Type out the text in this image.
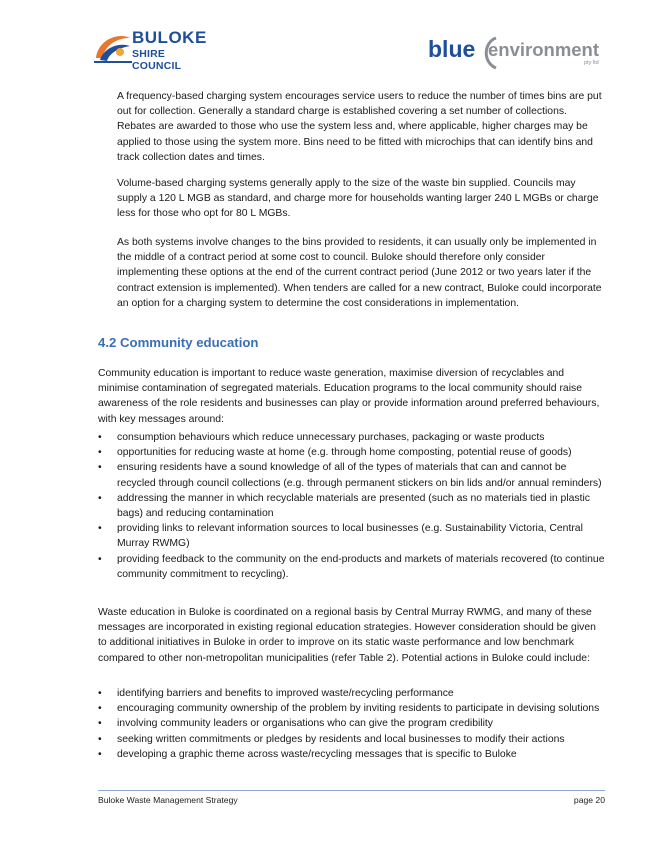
BULOKE
SHIRE COUNCIL
blue environment
pty ltd

A frequency-based charging system encourages service users to reduce the number of times bins are put out for collection. Generally a standard charge is established covering a set number of collections. Rebates are awarded to those who use the system less and, where applicable, higher charges may be applied to those using the system more. Bins need to be fitted with microchips that can identify bins and track collection dates and times.

Volume-based charging systems generally apply to the size of the waste bin supplied. Councils may supply a 120 L MGB as standard, and charge more for households wanting larger 240 L MGBs or charge less for those who opt for 80 L MGBs.

As both systems involve changes to the bins provided to residents, it can usually only be implemented in the middle of a contract period at some cost to council. Buloke should therefore only consider implementing these options at the end of the current contract period (June 2012 or two years later if the contract extension is implemented). When tenders are called for a new contract, Buloke could incorporate an option for a charging system to determine the cost considerations in implementation.

4.2 Community education

Community education is important to reduce waste generation, maximise diversion of recyclables and minimise contamination of segregated materials. Education programs to the local community should raise awareness of the role residents and businesses can play or provide information around preferred behaviours, with key messages around:

• consumption behaviours which reduce unnecessary purchases, packaging or waste products
• opportunities for reducing waste at home (e.g. through home composting, potential reuse of goods)
• ensuring residents have a sound knowledge of all of the types of materials that can and cannot be recycled through council collections (e.g. through permanent stickers on bin lids and/or annual reminders)
• addressing the manner in which recyclable materials are presented (such as no materials tied in plastic bags) and reducing contamination
• providing links to relevant information sources to local businesses (e.g. Sustainability Victoria, Central Murray RWMG)
• providing feedback to the community on the end-products and markets of materials recovered (to continue community commitment to recycling).

Waste education in Buloke is coordinated on a regional basis by Central Murray RWMG, and many of these messages are incorporated in existing regional education strategies. However consideration should be given to additional initiatives in Buloke in order to improve on its static waste performance and low benchmark compared to other non-metropolitan municipalities (refer Table 2). Potential actions in Buloke could include:

• identifying barriers and benefits to improved waste/recycling performance
• encouraging community ownership of the problem by inviting residents to participate in devising solutions
• involving community leaders or organisations who can give the program credibility
• seeking written commitments or pledges by residents and local businesses to modify their actions
• developing a graphic theme across waste/recycling messages that is specific to Buloke
Buloke Waste Management Strategy	page 20
